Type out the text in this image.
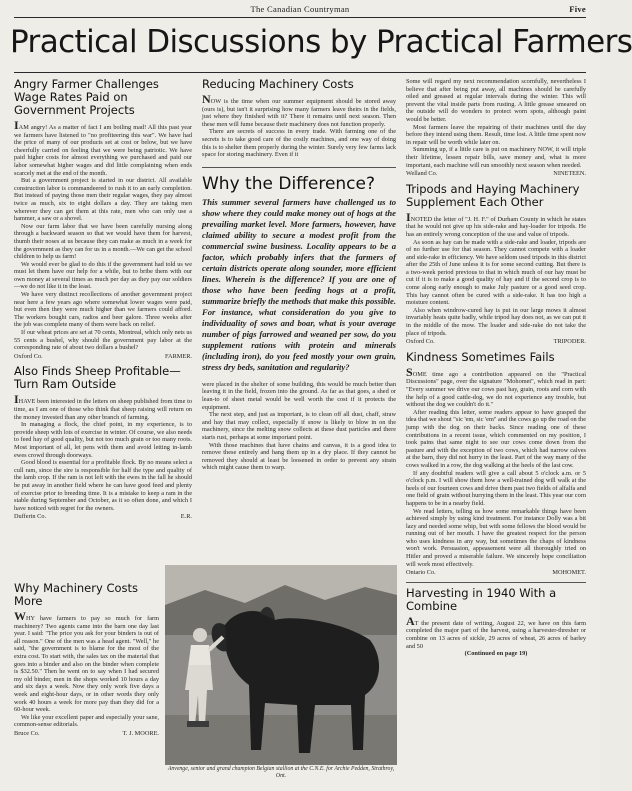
The Canadian Countryman	Five
Practical Discussions by Practical Farmers
Angry Farmer Challenges Wage Rates Paid on Government Projects

IAM angry! As a matter of fact I am boiling mad! All this past year we farmers have listened to "no profiteering this war". We have had the price of many of our products set at cost or below, but we have cheerfully carried on feeling that we were being patriotic. We have paid higher costs for almost everything we purchased and paid our labor somewhat higher wages and did little complaining when ends scarcely met at the end of the month.

But a government project is started in our district. All available construction labor is commandeered to rush it to an early completion. But instead of paying those men their regular wages, they pay almost twice as much, six to eight dollars a day. They are taking men wherever they can get them at this rate, men who can only use a hammer, a saw or a shovel.

Now our farm labor that we have been carefully nursing along through a backward season so that we would have them for harvest, thumb their noses at us because they can make as much in a week for the government as they can for us in a month.—We can get the school children to help us farm!

We would ever be glad to do this if the government had told us we must let them have our help for a while, but to bribe them with our own money at several times as much per day as they pay our soldiers—we do not like it in the least.

We have very distinct recollections of another government project near here a few years ago where somewhat lower wages were paid, but even then they were much higher than we farmers could afford. The workers bought cars, radios and beer galore. Three weeks after the job was complete many of them were back on relief.

If our wheat prices are set at 70 cents, Montreal, which only nets us 55 cents a bushel, why should the government pay labor at the corresponding rate of about two dollars a bushel?

Oxford Co.	FARMER.
Also Finds Sheep Profitable—Turn Ram Outside

IHAVE been interested in the letters on sheep published from time to time, as I am one of those who think that sheep raising will return on the money invested than any other branch of farming.

In managing a flock, the chief point, in my experience, is to provide sheep with lots of exercise in winter. Of course, we also needs to feed hay of good quality, but not too much grain or too many roots. Most important of all, let pens with them and avoid letting in-lamb ewes crowd through doorways.

Good blood is essential for a profitable flock. By no means select a cull ram, since the sire is responsible for half the type and quality of the lamb crop. If the ram is not left with the ewes in the fall he should be put away in another field where he can have good feed and plenty of exercise prior to breeding time. It is a mistake to keep a ram in the stable during September and October, as it so often done, and which I have noticed with regret for the owners.

Dufferin Co.	E.R.
Why Machinery Costs More

WHY have farmers to pay so much for farm machinery? Two agents came into the barn one day last year. I said: "The price you ask for your binders is out of all reason." One of the men was a head agent. "Well," he said, "the government is to blame for the most of the extra cost. To start with, the sales tax on the material that goes into a binder and also on the binder when complete is $32.50." Then he went on to say when I had secured my old binder, men in the shops worked 10 hours a day and six days a week. Now they only work five days a week and eight-hour days, or in other words they only work 40 hours a week for more pay than they did for a 60-hour week.

We like your excellent paper and especially your sane, common-sense editorials.

Bruce Co.	T. J. MOORE.
Reducing Machinery Costs

NOW is the time when our summer equipment should be stored away (ours is), but isn't it surprising how many farmers leave theirs in the fields, just where they finished with it? There it remains until next season. Then these men will fume because their machinery does not function properly.

There are secrets of success in every trade. With farming one of the secrets is to take good care of the costly machines, and one way of doing this is to shelter them properly during the winter. Surely very few farms lack space for storing machinery. Even if it

Why the Difference?

This summer several farmers have challenged us to show where they could make money out of hogs at the prevailing market level. More farmers, however, have claimed ability to secure a modest profit from the commercial swine business. Locality appears to be a factor, which probably infers that the farmers of certain districts operate along sounder, more efficient lines. Wherein is the difference? If you are one of those who have been feeding hogs at a profit, summarize briefly the methods that make this possible. For instance, what consideration do you give to individuality of sows and boar, what is your average number of pigs farrowed and weaned per sow, do you supplement rations with protein and minerals (including iron), do you feed mostly your own grain, stress dry beds, sanitation and regularity?

were placed in the shelter of some building, this would be much better than leaving it in the field, frozen into the ground. As far as that goes, a shed or lean-to of sheet metal would be well worth the cost if it protects the equipment.

The next step, and just as important, is to clean off all dust, chaff, straw and hay that may collect, especially if snow is likely to blow in on the machinery, since the melting snow collects at these dust particles and there starts rust, perhaps at some important point.

With those machines that have chains and canvas, it is a good idea to remove these entirely and hang them up in a dry place. If they cannot be removed they should at least be loosened in order to prevent any strain which might cause them to warp.

Anvenge, senior and grand champion Belgian stallion at the C.N.E. for Archie Pedden, Strathroy, Ont.

Some will regard my next recommendation scornfully, nevertheless I believe that after being put away, all machines should be carefully oiled and greased at regular intervals during the winter. This will prevent the vital inside parts from rusting. A little grease smeared on the outside will do wonders to protect worn spots, although paint would be better.

Most farmers leave the repairing of their machines until the day before they intend using them. Result, time lost. A little time spent now in repair will be worth while later on.

Summing up, if a little care is put on machinery NOW, it will triple their lifetime, lessen repair bills, save money and, what is more important, each machine will run smoothly next season when needed.

Welland Co.	NINETEEN.
Tripods and Haying Machinery Supplement Each Other

INOTED the letter of "J. H. F." of Durham County in which he states that he would not give up his side-rake and hay-loader for tripods. He has an entirely wrong conception of the use and value of tripods.

As soon as hay can be made with a side-rake and loader, tripods are of no further use for that season. They cannot compete with a loader and side-rake in efficiency. We have seldom used tripods in this district after the 25th of June unless it is for some second cutting. But there is a two-week period previous to that in which much of our hay must be cut if it is to make a good quality of hay and if the second crop is to come along early enough to make July pasture or a good seed crop. This hay cannot often be cured with a side-rake. It has too high a moisture content.

Also when windrow-cured hay is put in our large mows it almost invariably heats quite badly, while tripod hay does not, as we can put it in the middle of the mow. The loader and side-rake do not take the place of tripods.

Oxford Co.	TRIPODER.
Kindness Sometimes Fails

SOME time ago a contribution appeared on the "Practical Discussions" page, over the signature "Mohomet", which read in part: "Every summer we drive our cows past hay, grain, roots and corn with the help of a good cattle-dog, we do not experience any trouble, but without the dog we couldn't do it."

After reading this letter, some readers appear to have grasped the idea that we shout "sic 'em, sic 'em" and the cows go up the road on the jump with the dog on their backs. Since reading one of these contributions in a recent issue, which commented on my position, I took pains that same night to see our cows come down from the pasture and with the exception of two cows, which had narrow calves at the barn, they did not hurry in the least. Part of the way many of the cows walked in a row, the dog walking at the heels of the last cow.

If any doubtful readers will give a call about 5 o'clock a.m. or 5 o'clock p.m. I will show them how a well-trained dog will walk at the heels of our fourteen cows and drive them past two fields of alfalfa and one field of grain without hurrying them in the least. This year our corn happens to be in a nearby field.

We read letters, telling us how some remarkable things have been achieved simply by using kind treatment. For instance Dolly was a bit lazy and needed some whip, but with some fellows the blood would be running out of her mouth. I have the greatest respect for the person who uses kindness in any way, but sometimes the chaps of kindness won't work. Persuasion, appeasement were all thoroughly tried on Hitler and proved a miserable failure. We sincerely hope conciliation will work most effectively.

Ontario Co.	MOHOMET.
Harvesting in 1940 With a Combine

AT the present date of writing, August 22, we have on this farm completed the major part of the harvest, using a harvester-thresher or combine on 13 acres of sickle, 29 acres of wheat, 26 acres of barley and 50

(Continued on page 19)
